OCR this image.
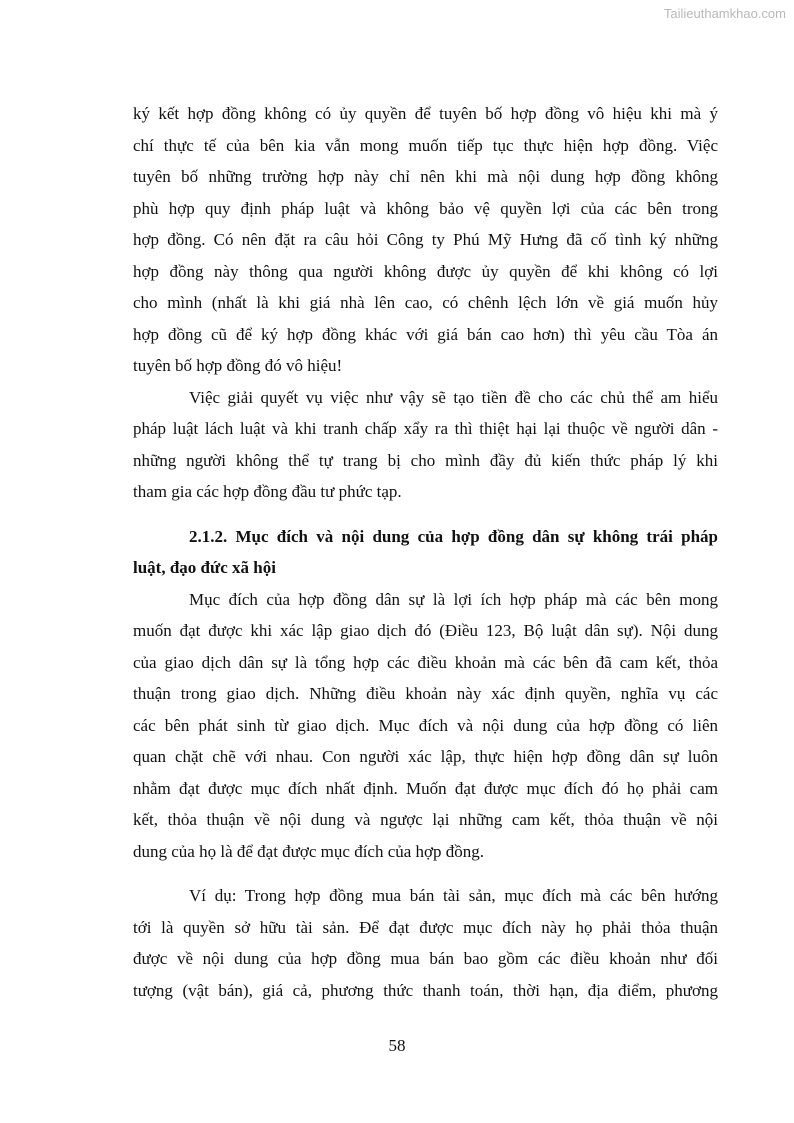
Tailieuthamkhao.com

ký kết hợp đồng không có ủy quyền để tuyên bố hợp đồng vô hiệu khi mà ý
chí thực tế của bên kia vẫn mong muốn tiếp tục thực hiện hợp đồng. Việc
tuyên bố những trường hợp này chỉ nên khi mà nội dung hợp đồng không
phù hợp quy định pháp luật và không bảo vệ quyền lợi của các bên trong
hợp đồng. Có nên đặt ra câu hỏi Công ty Phú Mỹ Hưng đã cố tình ký những
hợp đồng này thông qua người không được ủy quyền để khi không có lợi
cho mình (nhất là khi giá nhà lên cao, có chênh lệch lớn về giá muốn hủy
hợp đồng cũ để ký hợp đồng khác với giá bán cao hơn) thì yêu cầu Tòa án
tuyên bố hợp đồng đó vô hiệu!

Việc giải quyết vụ việc như vậy sẽ tạo tiền đề cho các chủ thể am hiểu
pháp luật lách luật và khi tranh chấp xẩy ra thì thiệt hại lại thuộc về người dân -
những người không thể tự trang bị cho mình đầy đủ kiến thức pháp lý khi
tham gia các hợp đồng đầu tư phức tạp.

2.1.2. Mục đích và nội dung của hợp đồng dân sự không trái pháp
luật, đạo đức xã hội

Mục đích của hợp đồng dân sự là lợi ích hợp pháp mà các bên mong
muốn đạt được khi xác lập giao dịch đó (Điều 123, Bộ luật dân sự). Nội dung
của giao dịch dân sự là tổng hợp các điều khoản mà các bên đã cam kết, thỏa
thuận trong giao dịch. Những điều khoản này xác định quyền, nghĩa vụ các
các bên phát sinh từ giao dịch. Mục đích và nội dung của hợp đồng có liên
quan chặt chẽ với nhau. Con người xác lập, thực hiện hợp đồng dân sự luôn
nhằm đạt được mục đích nhất định. Muốn đạt được mục đích đó họ phải cam
kết, thỏa thuận về nội dung và ngược lại những cam kết, thỏa thuận về nội
dung của họ là để đạt được mục đích của hợp đồng.

Ví dụ: Trong hợp đồng mua bán tài sản, mục đích mà các bên hướng
tới là quyền sở hữu tài sản. Để đạt được mục đích này họ phải thỏa thuận
được về nội dung của hợp đồng mua bán bao gồm các điều khoản như đối
tượng (vật bán), giá cả, phương thức thanh toán, thời hạn, địa điểm, phương

58
